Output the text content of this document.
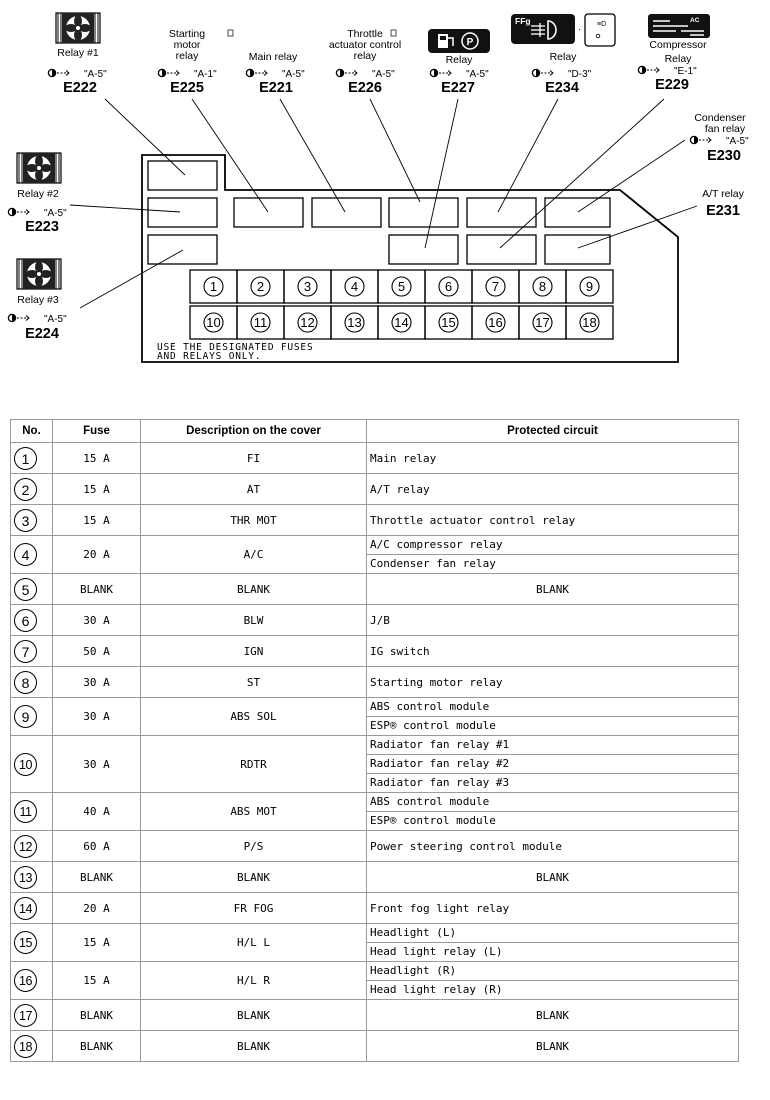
1	2	3	4	5	6	7	8	9
10	11	12	13	14	15	16	17	18
USE THE DESIGNATED FUSES
AND RELAYS ONLY.
Relay #1
"A-5"
E222
Starting
motor
relay
"A-1"
E225
Main relay
"A-5"
E221
Throttle
actuator control
relay
"A-5"
E226
P
Relay
"A-5"
E227
FFg
· ≡D
Relay
"D-3"
E234
AC
Compressor
Relay
"E-1"
E229
Condenser
fan relay
"A-5"
E230
A/T relay
E231
Relay #2
"A-5"
E223
Relay #3
"A-5"
E224
No.	Fuse	Description on the cover	Protected circuit
1	15 A	FI	Main relay

2	15 A	AT	A/T relay

3	15 A	THR MOT	Throttle actuator control relay

4	20 A	A/C	A/C compressor relay
Condenser fan relay

5	BLANK	BLANK	BLANK

6	30 A	BLW	J/B

7	50 A	IGN	IG switch

8	30 A	ST	Starting motor relay

9	30 A	ABS SOL	ABS control module
ESP® control module

10	30 A	RDTR	Radiator fan relay #1
Radiator fan relay #2
Radiator fan relay #3

11	40 A	ABS MOT	ABS control module
ESP® control module

12	60 A	P/S	Power steering control module

13	BLANK	BLANK	BLANK

14	20 A	FR FOG	Front fog light relay

15	15 A	H/L L	Headlight (L)
Head light relay (L)

16	15 A	H/L R	Headlight (R)
Head light relay (R)

17	BLANK	BLANK	BLANK

18	BLANK	BLANK	BLANK
